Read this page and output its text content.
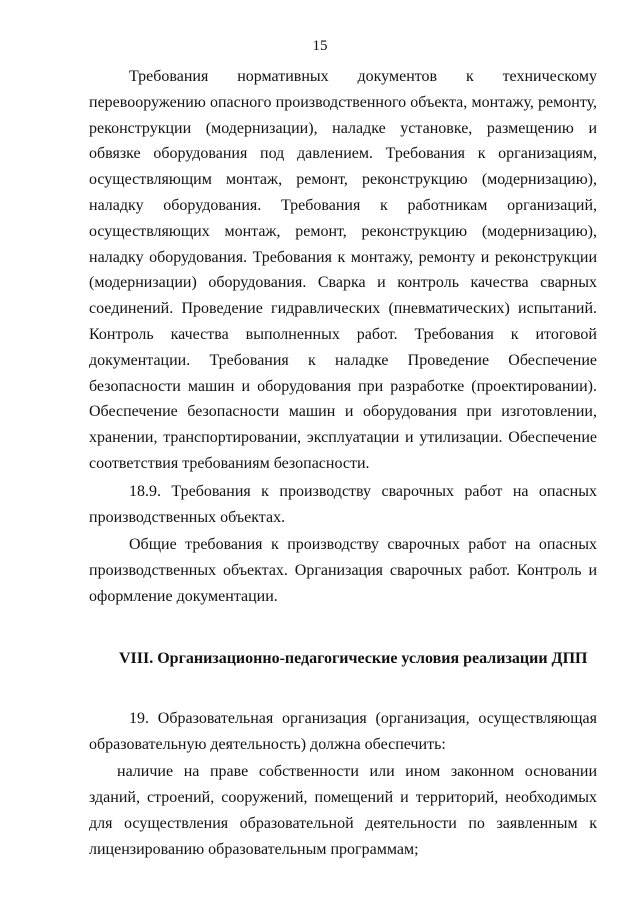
15

Требования нормативных документов к техническому перевооружению опасного производственного объекта, монтажу, ремонту, реконструкции (модернизации), наладке установке, размещению и обвязке оборудования под давлением. Требования к организациям, осуществляющим монтаж, ремонт, реконструкцию (модернизацию), наладку оборудования. Требования к работникам организаций, осуществляющих монтаж, ремонт, реконструкцию (модернизацию), наладку оборудования. Требования к монтажу, ремонту и реконструкции (модернизации) оборудования. Сварка и контроль качества сварных соединений. Проведение гидравлических (пневматических) испытаний. Контроль качества выполненных работ. Требования к итоговой документации. Требования к наладке Проведение Обеспечение безопасности машин и оборудования при разработке (проектировании). Обеспечение безопасности машин и оборудования при изготовлении, хранении, транспортировании, эксплуатации и утилизации. Обеспечение соответствия требованиям безопасности.

18.9. Требования к производству сварочных работ на опасных производственных объектах.

Общие требования к производству сварочных работ на опасных производственных объектах. Организация сварочных работ. Контроль и оформление документации.

VIII. Организационно-педагогические условия реализации ДПП

19. Образовательная организация (организация, осуществляющая образовательную деятельность) должна обеспечить:

наличие на праве собственности или ином законном основании зданий, строений, сооружений, помещений и территорий, необходимых для осуществления образовательной деятельности по заявленным к лицензированию образовательным программам;
